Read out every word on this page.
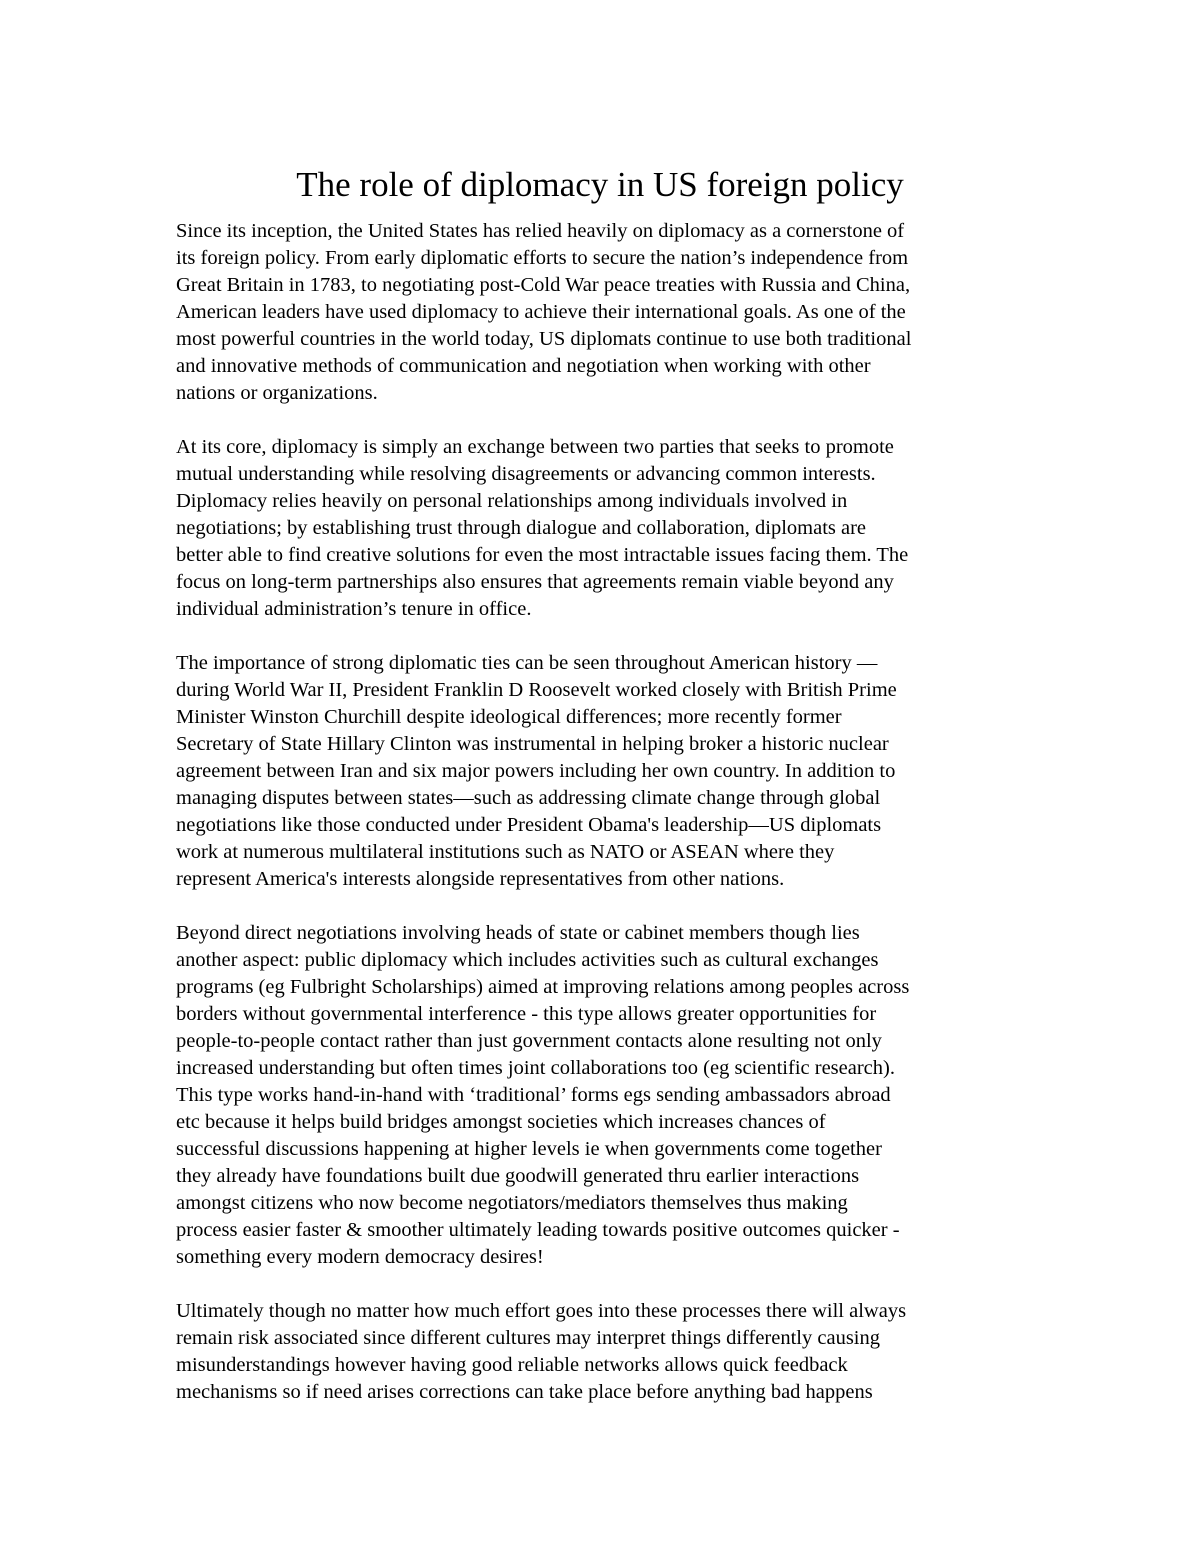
The role of diplomacy in US foreign policy

Since its inception, the United States has relied heavily on diplomacy as a cornerstone of
its foreign policy. From early diplomatic efforts to secure the nation’s independence from
Great Britain in 1783, to negotiating post-Cold War peace treaties with Russia and China,
American leaders have used diplomacy to achieve their international goals. As one of the
most powerful countries in the world today, US diplomats continue to use both traditional
and innovative methods of communication and negotiation when working with other
nations or organizations.

At its core, diplomacy is simply an exchange between two parties that seeks to promote
mutual understanding while resolving disagreements or advancing common interests.
Diplomacy relies heavily on personal relationships among individuals involved in
negotiations; by establishing trust through dialogue and collaboration, diplomats are
better able to find creative solutions for even the most intractable issues facing them. The
focus on long-term partnerships also ensures that agreements remain viable beyond any
individual administration’s tenure in office.

The importance of strong diplomatic ties can be seen throughout American history —
during World War II, President Franklin D Roosevelt worked closely with British Prime
Minister Winston Churchill despite ideological differences; more recently former
Secretary of State Hillary Clinton was instrumental in helping broker a historic nuclear
agreement between Iran and six major powers including her own country. In addition to
managing disputes between states—such as addressing climate change through global
negotiations like those conducted under President Obama's leadership—US diplomats
work at numerous multilateral institutions such as NATO or ASEAN where they
represent America's interests alongside representatives from other nations.

Beyond direct negotiations involving heads of state or cabinet members though lies
another aspect: public diplomacy which includes activities such as cultural exchanges
programs (eg Fulbright Scholarships) aimed at improving relations among peoples across
borders without governmental interference - this type allows greater opportunities for
people-to-people contact rather than just government contacts alone resulting not only
increased understanding but often times joint collaborations too (eg scientific research).
This type works hand-in-hand with ‘traditional’ forms egs sending ambassadors abroad
etc because it helps build bridges amongst societies which increases chances of
successful discussions happening at higher levels ie when governments come together
they already have foundations built due goodwill generated thru earlier interactions
amongst citizens who now become negotiators/mediators themselves thus making
process easier faster & smoother ultimately leading towards positive outcomes quicker -
something every modern democracy desires!

Ultimately though no matter how much effort goes into these processes there will always
remain risk associated since different cultures may interpret things differently causing
misunderstandings however having good reliable networks allows quick feedback
mechanisms so if need arises corrections can take place before anything bad happens
